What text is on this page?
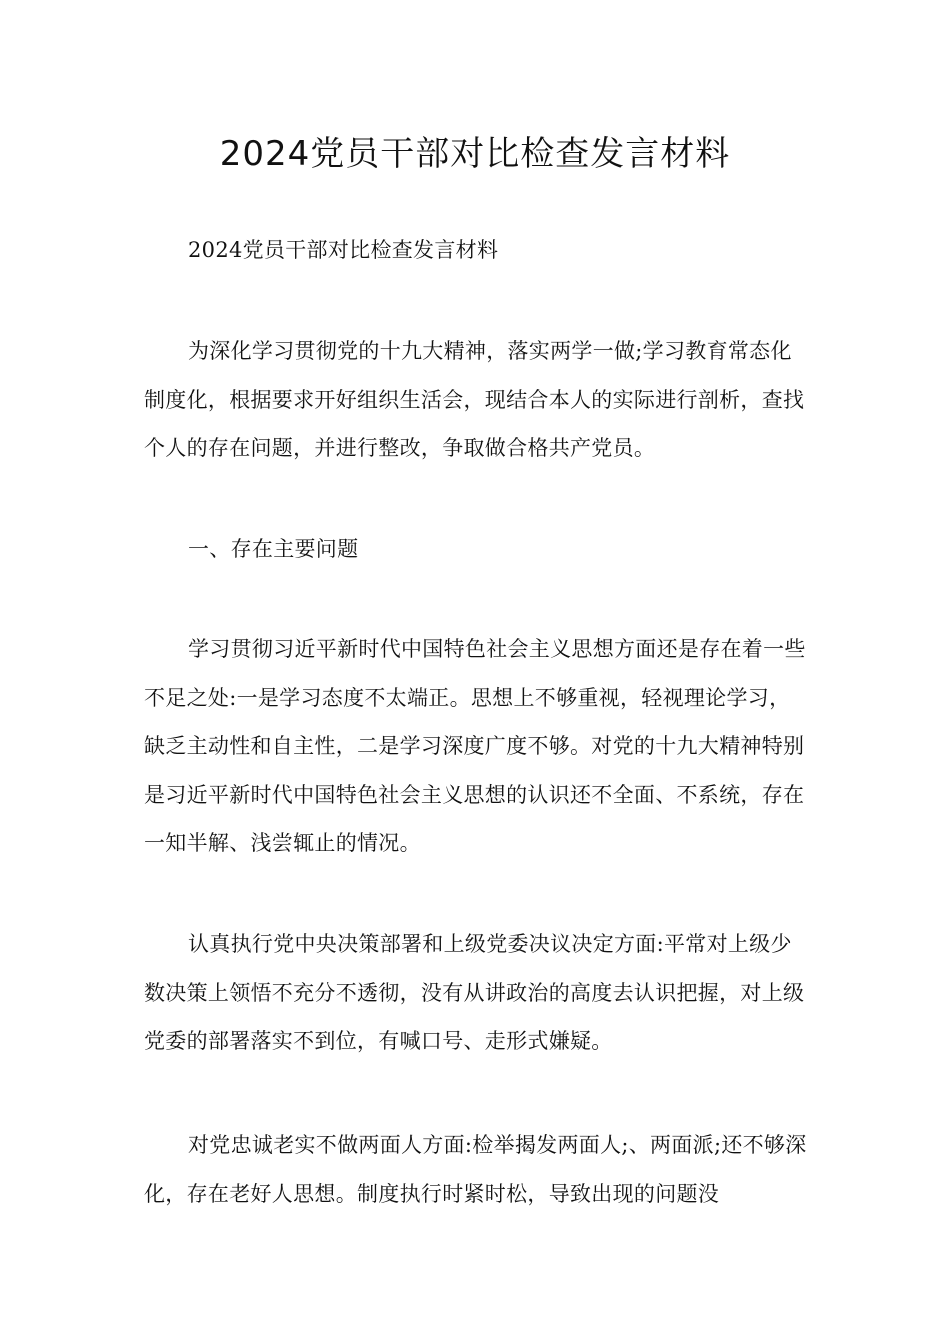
2024党员干部对比检查发言材料

2024党员干部对比检查发言材料

为深化学习贯彻党的十九大精神，落实两学一做;学习教育常态化制度化，根据要求开好组织生活会，现结合本人的实际进行剖析，查找个人的存在问题，并进行整改，争取做合格共产党员。

一、存在主要问题

学习贯彻习近平新时代中国特色社会主义思想方面还是存在着一些不足之处:一是学习态度不太端正。思想上不够重视，轻视理论学习，缺乏主动性和自主性，二是学习深度广度不够。对党的十九大精神特别是习近平新时代中国特色社会主义思想的认识还不全面、不系统，存在一知半解、浅尝辄止的情况。

认真执行党中央决策部署和上级党委决议决定方面:平常对上级少数决策上领悟不充分不透彻，没有从讲政治的高度去认识把握，对上级党委的部署落实不到位，有喊口号、走形式嫌疑。

对党忠诚老实不做两面人方面:检举揭发两面人;、两面派;还不够深化，存在老好人思想。制度执行时紧时松，导致出现的问题没
